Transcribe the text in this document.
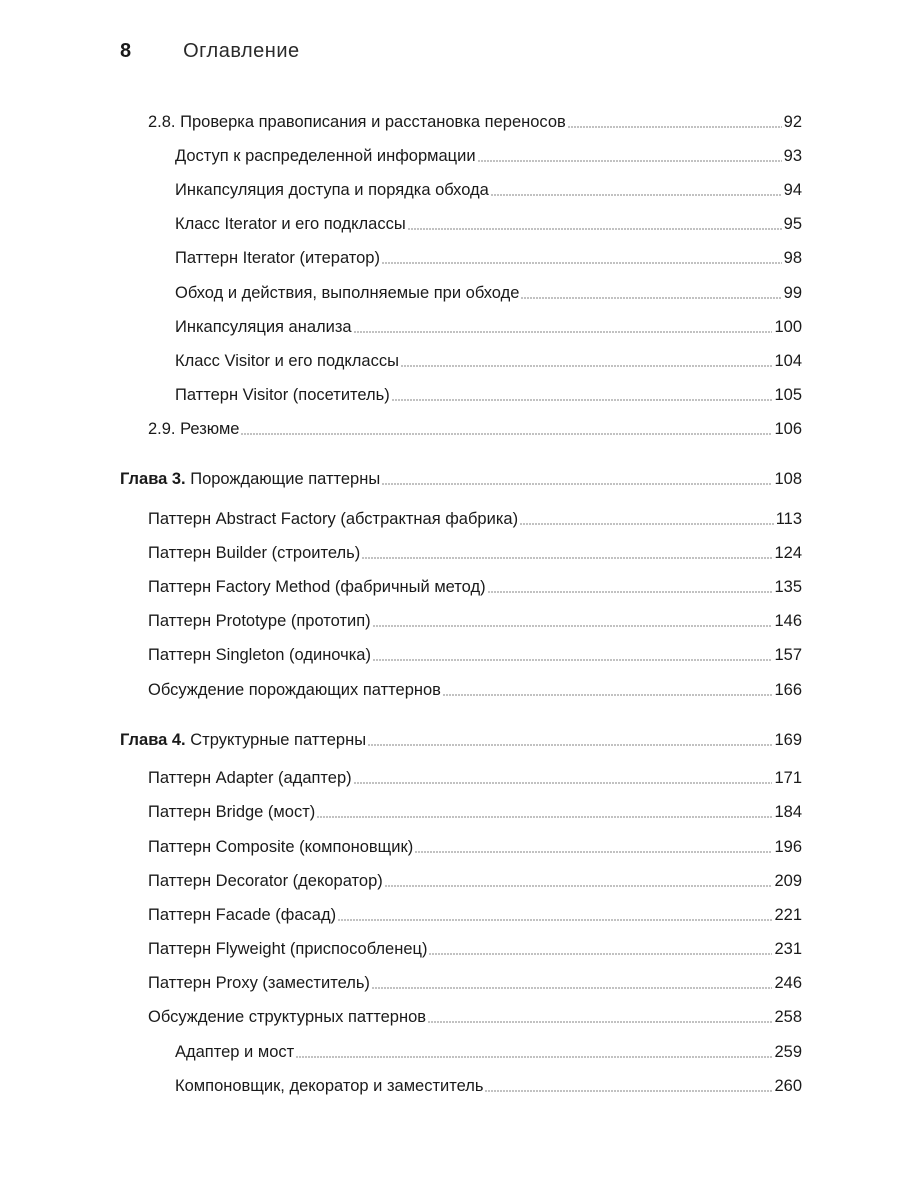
8	Оглавление
2.8. Проверка правописания и расстановка переносов	92
Доступ к распределенной информации	93
Инкапсуляция доступа и порядка обхода	94
Класс Iterator и его подклассы	95
Паттерн Iterator (итератор)	98
Обход и действия, выполняемые при обходе	99
Инкапсуляция анализа	100
Класс Visitor и его подклассы	104
Паттерн Visitor (посетитель)	105
2.9. Резюме	106
Глава 3. Порождающие паттерны	108
Паттерн Abstract Factory (абстрактная фабрика)	113
Паттерн Builder (строитель)	124
Паттерн Factory Method (фабричный метод)	135
Паттерн Prototype (прототип)	146
Паттерн Singleton (одиночка)	157
Обсуждение порождающих паттернов	166
Глава 4. Структурные паттерны	169
Паттерн Adapter (адаптер)	171
Паттерн Bridge (мост)	184
Паттерн Composite (компоновщик)	196
Паттерн Decorator (декоратор)	209
Паттерн Facade (фасад)	221
Паттерн Flyweight (приспособленец)	231
Паттерн Proxy (заместитель)	246
Обсуждение структурных паттернов	258
Адаптер и мост	259
Компоновщик, декоратор и заместитель	260
